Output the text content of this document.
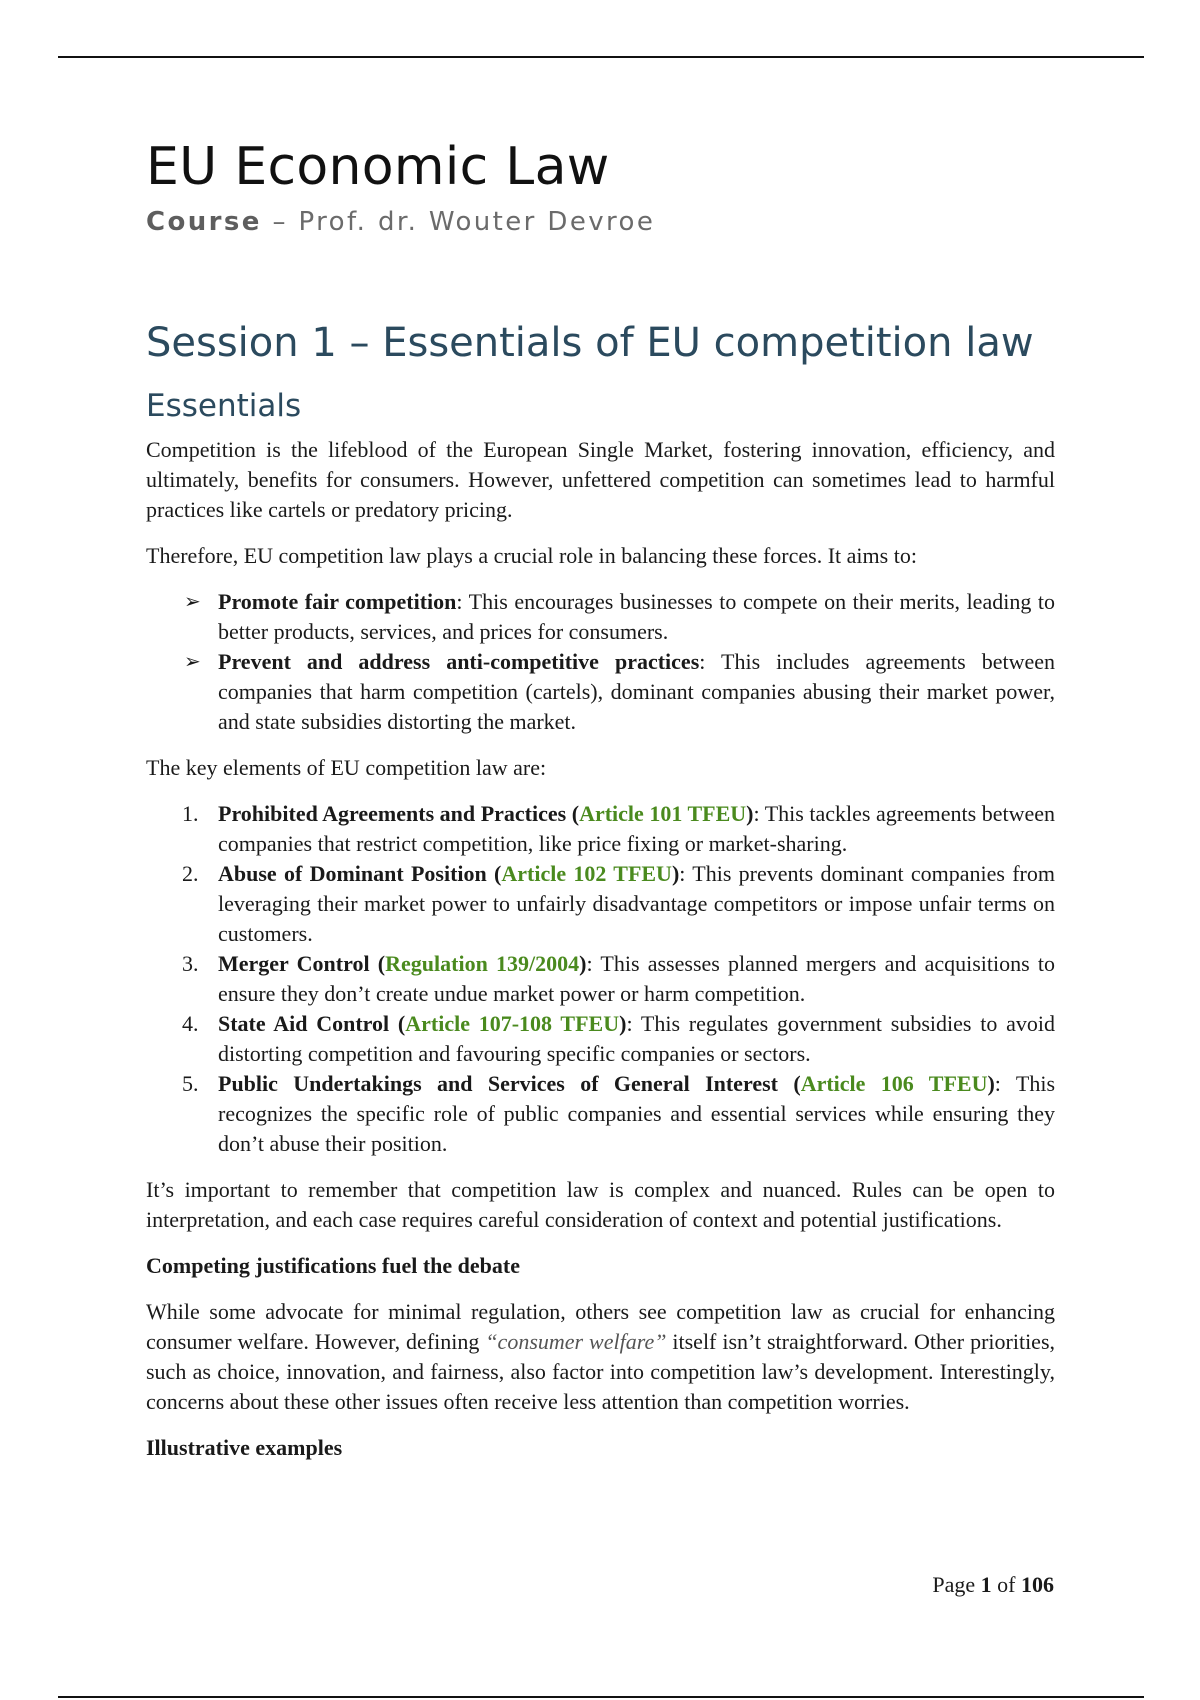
EU Economic Law
Course – Prof. dr. Wouter Devroe
Session 1 – Essentials of EU competition law
Essentials

Competition is the lifeblood of the European Single Market, fostering innovation, efficiency, and ultimately, benefits for consumers. However, unfettered competition can sometimes lead to harmful practices like cartels or predatory pricing.

Therefore, EU competition law plays a crucial role in balancing these forces. It aims to:

➢ Promote fair competition: This encourages businesses to compete on their merits, leading to better products, services, and prices for consumers.
➢ Prevent and address anti-competitive practices: This includes agreements between companies that harm competition (cartels), dominant companies abusing their market power, and state subsidies distorting the market.

The key elements of EU competition law are:

1. Prohibited Agreements and Practices (Article 101 TFEU): This tackles agreements between companies that restrict competition, like price fixing or market-sharing.
2. Abuse of Dominant Position (Article 102 TFEU): This prevents dominant companies from leveraging their market power to unfairly disadvantage competitors or impose unfair terms on customers.
3. Merger Control (Regulation 139/2004): This assesses planned mergers and acquisitions to ensure they don’t create undue market power or harm competition.
4. State Aid Control (Article 107-108 TFEU): This regulates government subsidies to avoid distorting competition and favouring specific companies or sectors.
5. Public Undertakings and Services of General Interest (Article 106 TFEU): This recognizes the specific role of public companies and essential services while ensuring they don’t abuse their position.

It’s important to remember that competition law is complex and nuanced. Rules can be open to interpretation, and each case requires careful consideration of context and potential justifications.

Competing justifications fuel the debate

While some advocate for minimal regulation, others see competition law as crucial for enhancing consumer welfare. However, defining “consumer welfare” itself isn’t straightforward. Other priorities, such as choice, innovation, and fairness, also factor into competition law’s development. Interestingly, concerns about these other issues often receive less attention than competition worries.

Illustrative examples
Page 1 of 106
